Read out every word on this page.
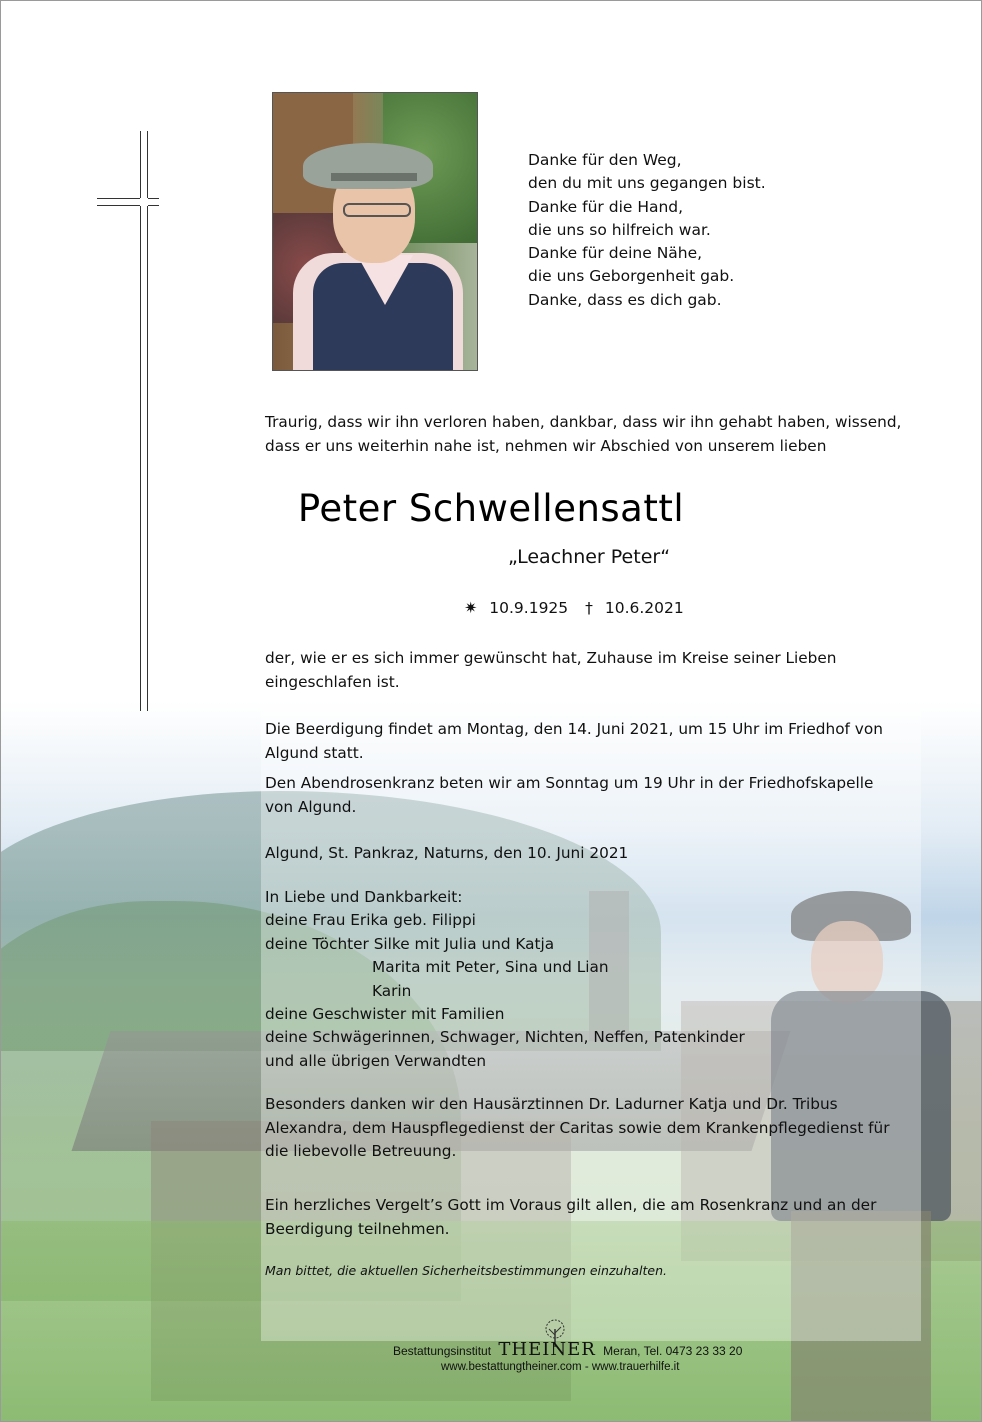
Danke für den Weg,
den du mit uns gegangen bist.
Danke für die Hand,
die uns so hilfreich war.
Danke für deine Nähe,
die uns Geborgenheit gab.
Danke, dass es dich gab.
Traurig, dass wir ihn verloren haben, dankbar, dass wir ihn gehabt haben, wissend,
dass er uns weiterhin nahe ist, nehmen wir Abschied von unserem lieben
Peter Schwellensattl
„Leachner Peter“
✷ 10.9.1925 † 10.6.2021
der, wie er es sich immer gewünscht hat, Zuhause im Kreise seiner Lieben
eingeschlafen ist.
Die Beerdigung findet am Montag, den 14. Juni 2021, um 15 Uhr im Friedhof von
Algund statt.
Den Abendrosenkranz beten wir am Sonntag um 19 Uhr in der Friedhofskapelle
von Algund.
Algund, St. Pankraz, Naturns, den 10. Juni 2021
In Liebe und Dankbarkeit:
deine Frau Erika geb. Filippi
deine Töchter Silke mit Julia und Katja
Marita mit Peter, Sina und Lian
Karin
deine Geschwister mit Familien
deine Schwägerinnen, Schwager, Nichten, Neffen, Patenkinder
und alle übrigen Verwandten
Besonders danken wir den Hausärztinnen Dr. Ladurner Katja und Dr. Tribus
Alexandra, dem Hauspflegedienst der Caritas sowie dem Krankenpflegedienst für
die liebevolle Betreuung.
Ein herzliches Vergelt’s Gott im Voraus gilt allen, die am Rosenkranz und an der
Beerdigung teilnehmen.
Man bittet, die aktuellen Sicherheitsbestimmungen einzuhalten.
Bestattungsinstitut THEINER Meran, Tel. 0473 23 33 20
www.bestattungtheiner.com - www.trauerhilfe.it
